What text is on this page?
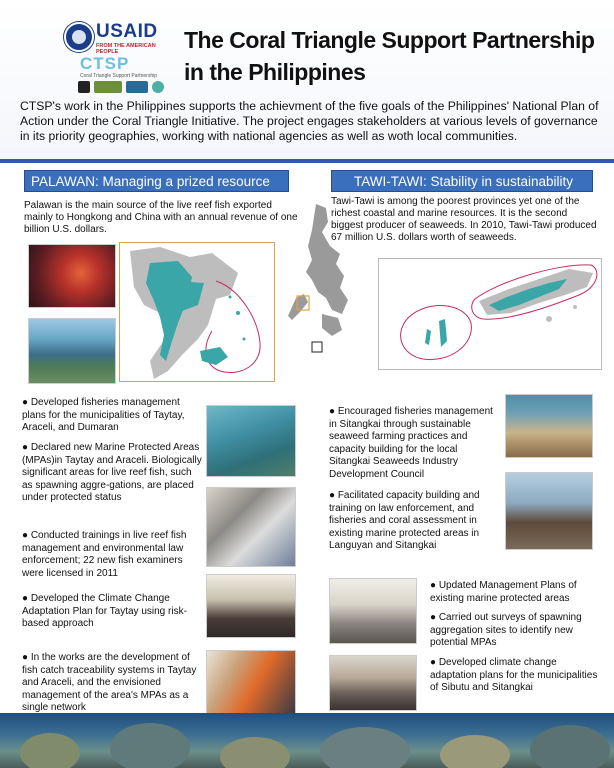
USAID
FROM THE AMERICAN PEOPLE
CTSP
Coral Triangle Support Partnership
The Coral Triangle Support Partnership
in the Philippines
CTSP's work in the Philippines supports the achievment of the five goals of the Philippines' National Plan of Action under the Coral Triangle Initiative. The project engages stakeholders at various levels of governance in its priority geographies, working with national agencies as well as woth local communities.
PALAWAN: Managing a prized resource	TAWI-TAWI: Stability in sustainability
Palawan is the main source of the live reef fish exported mainly to Hongkong and China with an annual revenue of one billion U.S. dollars.
Tawi-Tawi is among the poorest provinces yet one of the richest coastal and marine resources. It is the second biggest producer of seaweeds. In 2010, Tawi-Tawi produced 67 million U.S. dollars worth of seaweeds.
● Developed fisheries management plans for the municipalities of Taytay, Araceli, and Dumaran
● Declared new Marine Protected Areas (MPAs)in Taytay and Araceli. Biologically significant areas for live reef fish, such as spawning aggre-gations, are placed under protected status
● Conducted trainings in live reef fish management and environmental law enforcement; 22 new fish examiners were licensed in 2011
● Developed the Climate Change Adaptation Plan for Taytay using risk-based approach
● In the works are the development of fish catch traceability systems in Taytay and Araceli, and the envisioned management of the area's MPAs as a single network
● Encouraged fisheries management in Sitangkai through sustainable seaweed farming practices and capacity building for the local Sitangkai Seaweeds Industry Development Council
● Facilitated capacity building and training on law enforcement, and fisheries and coral assessment in existing marine protected areas in Languyan and Sitangkai
● Updated Management Plans of existing marine protected areas
● Carried out surveys of spawning aggregation sites to identify new potential MPAs
● Developed climate change adaptation plans for the municipalities of Sibutu and Sitangkai
